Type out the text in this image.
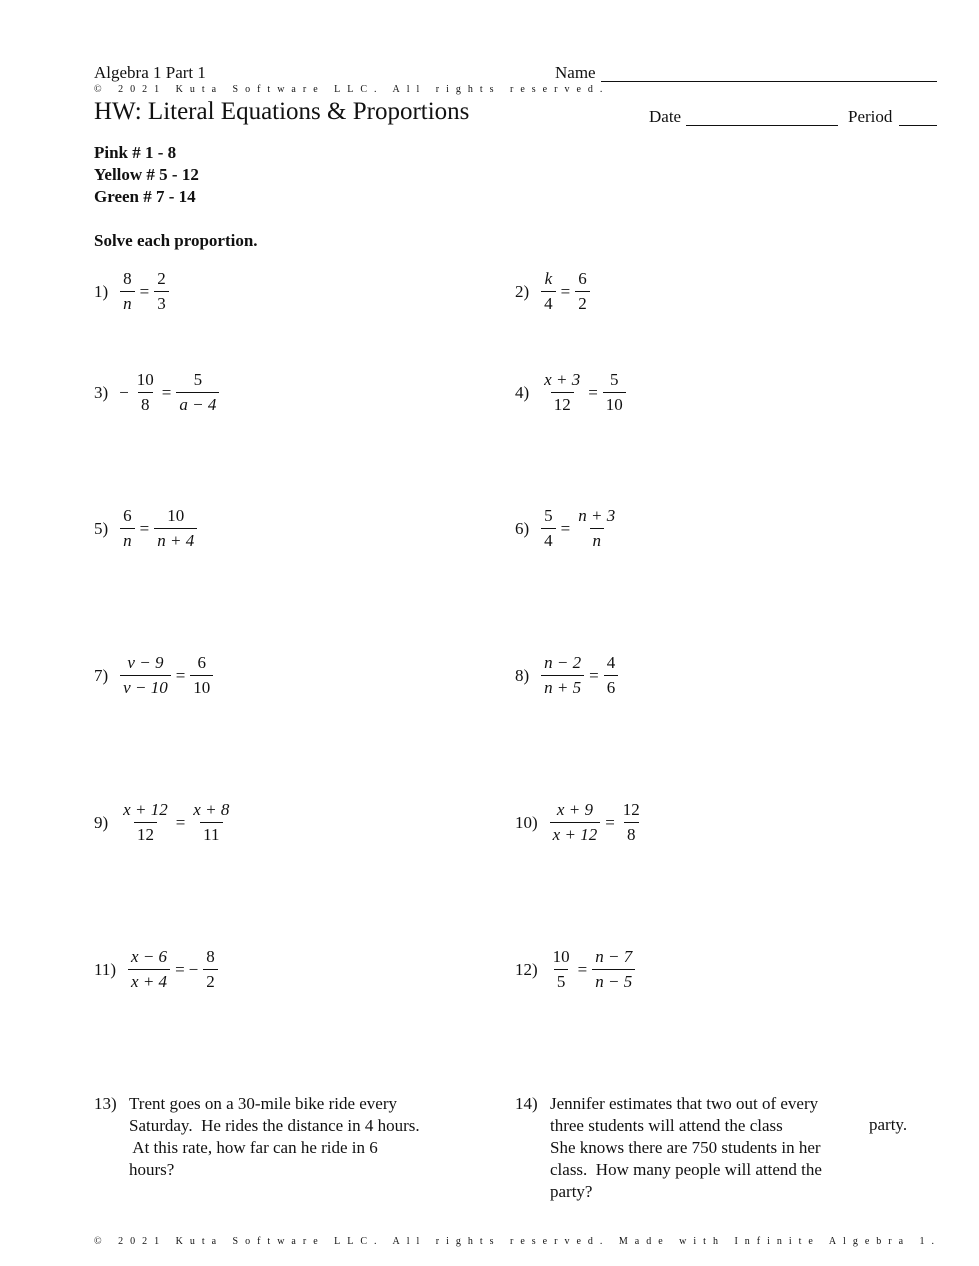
Algebra 1 Part 1
© 2021 Kuta Software LLC. All rights reserved.
HW: Literal Equations & Proportions
Name
Date	Period
Pink # 1 - 8
Yellow # 5 - 12
Green # 7 - 14
Solve each proportion.
$1) \frac{8}{n} = \frac{2}{3}$	$2) \frac{k}{4} = \frac{6}{2}$
$3) - \frac{10}{8} = \frac{5}{a - 4}$	$4) \frac{x + 3}{12} = \frac{5}{10}$
$5) \frac{6}{n} = \frac{10}{n + 4}$	$6) \frac{5}{4} = \frac{n + 3}{n}$
$7) \frac{v - 9}{v - 10} = \frac{6}{10}$	$8) \frac{n - 2}{n + 5} = \frac{4}{6}$
$9) \frac{x + 12}{12} = \frac{x + 8}{11}$	$10) \frac{x + 9}{x + 12} = \frac{12}{8}$
$11) \frac{x - 6}{x + 4}$ = − $\frac{8}{2}$	$12) \frac{10}{5} = \frac{n - 7}{n - 5}$
13) Trent goes on a 30-mile bike ride every
Saturday.  He rides the distance in 4 hours.
At this rate, how far can he ride in 6
hours?
14) Jennifer estimates that two out of every
three students will attend the class
She knows there are 750 students in her
class.  How many people will attend the
party?
party.
© 2021 Kuta Software LLC. All rights reserved. Made with Infinite Algebra 1.
